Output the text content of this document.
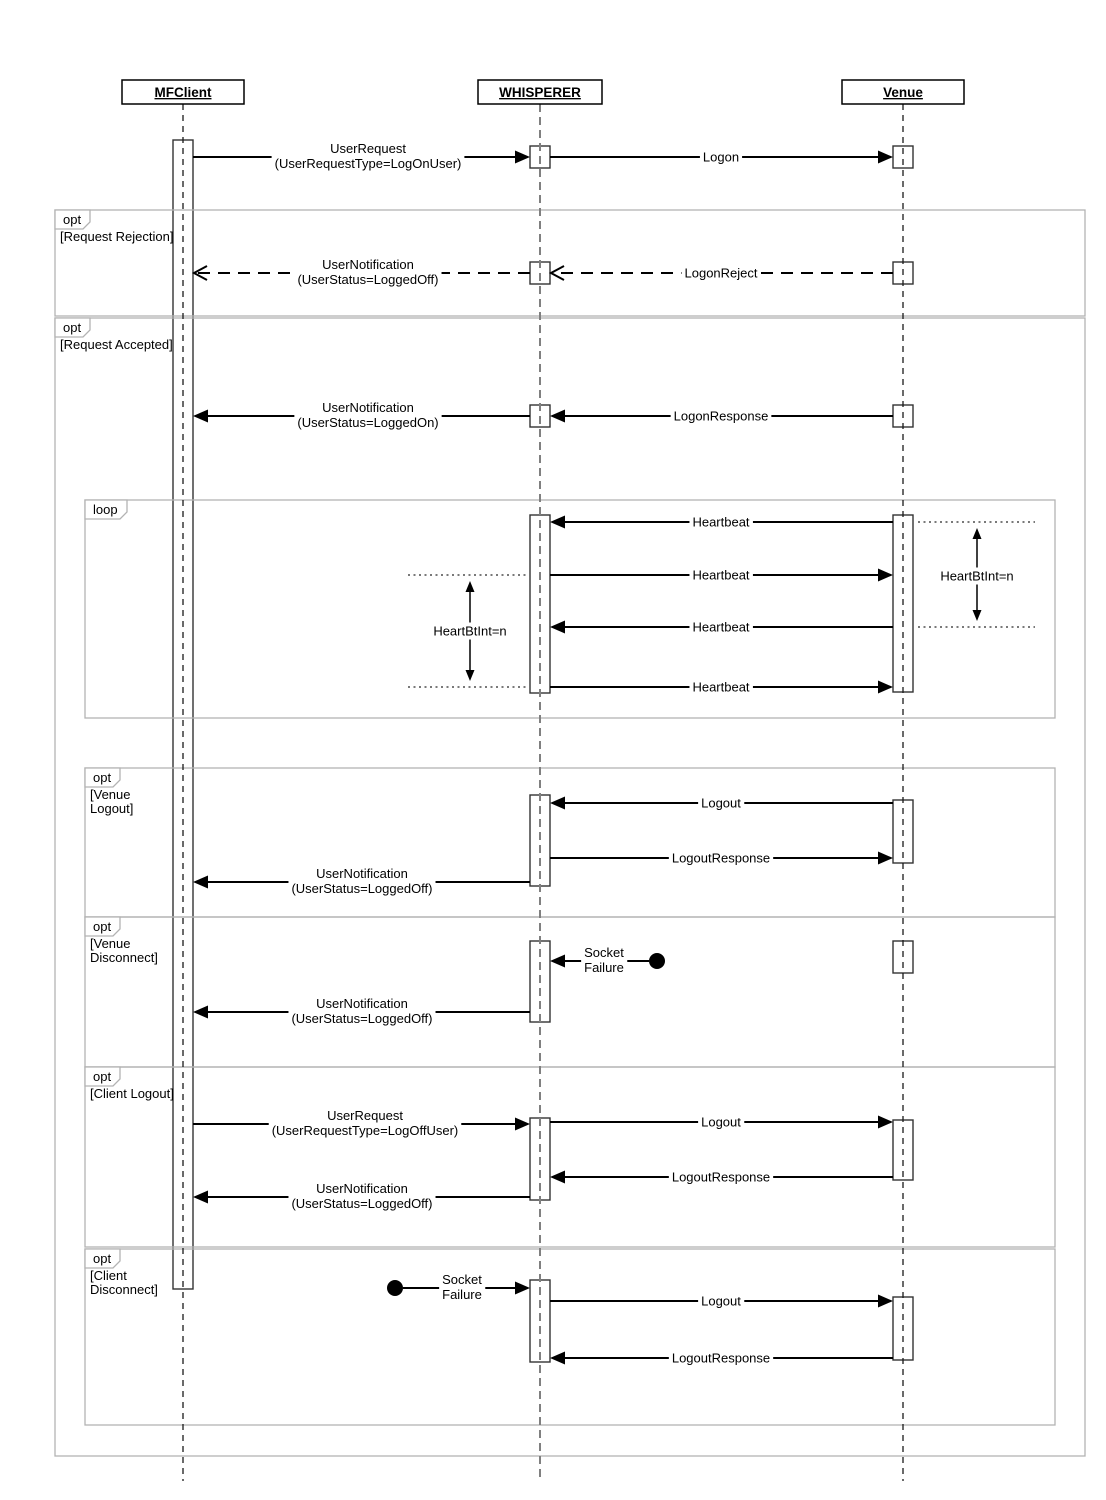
opt
[Request Rejection]
opt
[Request Accepted]
loop
opt
[Venue
Logout]
opt
[Venue
Disconnect]
opt
[Client Logout]
opt
[Client
Disconnect]
HeartBtInt=n
HeartBtInt=n
MFClient	WHISPERER	Venue
UserRequest (UserRequestType=LogOnUser)	Logon
UserNotification (UserStatus=LoggedOff)	LogonReject
UserNotification (UserStatus=LoggedOn)	LogonResponse
Heartbeat
Heartbeat
Heartbeat
Heartbeat
Logout
LogoutResponse
UserNotification (UserStatus=LoggedOff)
Socket Failure
UserNotification (UserStatus=LoggedOff)
UserRequest (UserRequestType=LogOffUser)
Logout
LogoutResponse
UserNotification (UserStatus=LoggedOff)
Socket Failure	Logout
LogoutResponse
